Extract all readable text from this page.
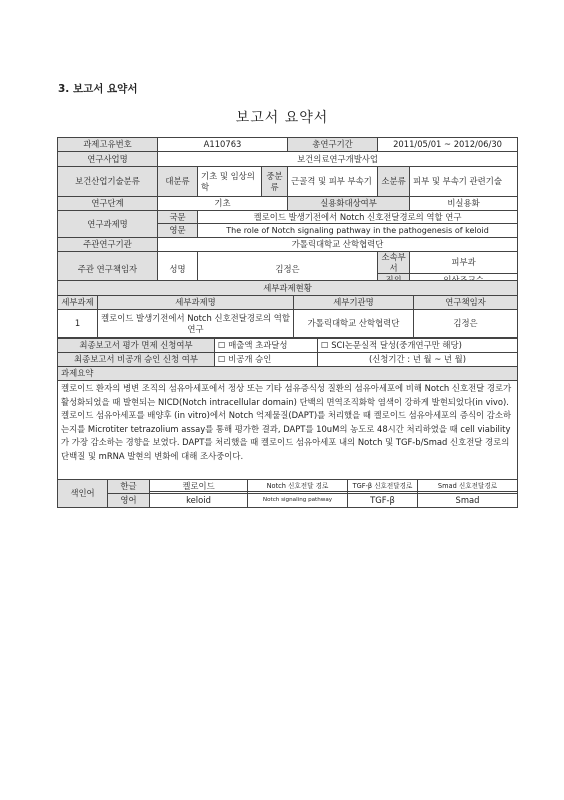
3. 보고서 요약서
보고서 요약서
과제고유번호	A110763			총연구기간	2011/05/01 ~ 2012/06/30	
연구사업명	보건의료연구개발사업					
보건산업기술분류	대분류	기초 및 임상의학	중분류	근골격 및 피부 부속기	소분류	피부 및 부속기 관련기술
연구단계	기초			실용화대상여부		비실용화
연구과제명	국문	켈로이드 발생기전에서 Notch 신호전달경로의 역할 연구				
	영문	The role of Notch signaling pathway in the pathogenesis of keloid				
주관연구기관	가톨릭대학교 산학협력단					
주관 연구책임자	성명	김정은			소속부서	피부과

세부과제현황			
세부과제	세부과제명	세부기관명	연구책임자
1	켈로이드 발생기전에서 Notch 신호전달경로의 역할 연구	가톨릭대학교 산학협력단	김정은
최종보고서 평가 면제 신청여부	☐ 매출액 초과달성	☐ SCI논문실적 달성(중개연구만 해당)
최종보고서 비공개 승인 신청 여부	☐ 비공개 승인	(신청기간 : 년 월 ~ 년 월)
과제요약
켈로이드 환자의 병변 조직의 섬유아세포에서 정상 또는 기타 섬유증식성 질환의 섬유아세포에 비해 Notch 신호전달 경로가 활성화되었을 때 발현되는 NICD(Notch intracellular domain) 단백의 면역조직화학 염색이 강하게 발현되었다(in vivo). 켈로이드 섬유아세포를 배양후 (in vitro)에서 Notch 억제물질(DAPT)를 처리했을 때 켈로이드 섬유아세포의 증식이 감소하는지를 Microtiter tetrazolium assay를 통해 평가한 결과, DAPT를 10uM의 농도로 48시간 처리하였을 때 cell viability가 가장 감소하는 경향을 보였다. DAPT를 처리했을 때 켈로이드 섬유아세포 내의 Notch 및 TGF-b/Smad 신호전달 경로의 단백질 및 mRNA 발현의 변화에 대해 조사중이다.
색인어	한글	켈로이드	Notch 신호전달 경로	TGF-β 신호전달경로	Smad 신호전달경로
	영어	keloid	Notch signaling pathway	TGF-β	Smad
